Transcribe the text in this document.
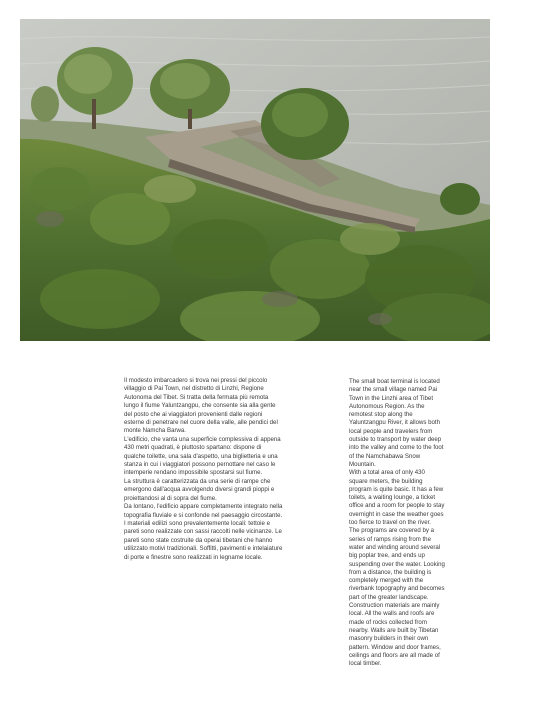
Il modesto imbarcadero si trova nei pressi del piccolo villaggio di Pai Town, nel distretto di Linzhi, Regione Autonoma del Tibet. Si tratta della fermata più remota lungo il fiume Yaluntzangpu, che consente sia alla gente del posto che ai viaggiatori provenienti dalle regioni esterne di penetrare nel cuore della valle, alle pendici del monte Namcha Barwa.

L'edificio, che vanta una superficie complessiva di appena 430 metri quadrati, è piuttosto spartano: dispone di qualche toilette, una sala d'aspetto, una biglietteria e una stanza in cui i viaggiatori possono pernottare nel caso le intemperie rendano impossibile spostarsi sul fiume.

La struttura è caratterizzata da una serie di rampe che emergono dall'acqua avvolgendo diversi grandi pioppi e proiettandosi al di sopra del fiume.

Da lontano, l'edificio appare completamente integrato nella topografia fluviale e si confonde nel paesaggio circostante.

I materiali edilizi sono prevalentemente locali: tettoie e pareti sono realizzate con sassi raccolti nelle vicinanze. Le pareti sono state costruite da operai tibetani che hanno utilizzato motivi tradizionali. Soffitti, pavimenti e intelaiature di porte e finestre sono realizzati in legname locale.

The small boat terminal is located near the small village named Pai Town in the Linzhi area of Tibet Autonomous Region. As the remotest stop along the Yaluntzangpu River, it allows both local people and travelers from outside to transport by water deep into the valley and come to the foot of the Namchabawa Snow Mountain.

With a total area of only 430 square meters, the building program is quite basic. It has a few toilets, a waiting lounge, a ticket office and a room for people to stay overnight in case the weather goes too fierce to travel on the river.

The programs are covered by a series of ramps rising from the water and winding around several big poplar tree, and ends up suspending over the water. Looking from a distance, the building is completely merged with the riverbank topography and becomes part of the greater landscape.

Construction materials are mainly local. All the walls and roofs are made of rocks collected from nearby. Walls are built by Tibetan masonry builders in their own pattern. Window and door frames, ceilings and floors are all made of local timber.
